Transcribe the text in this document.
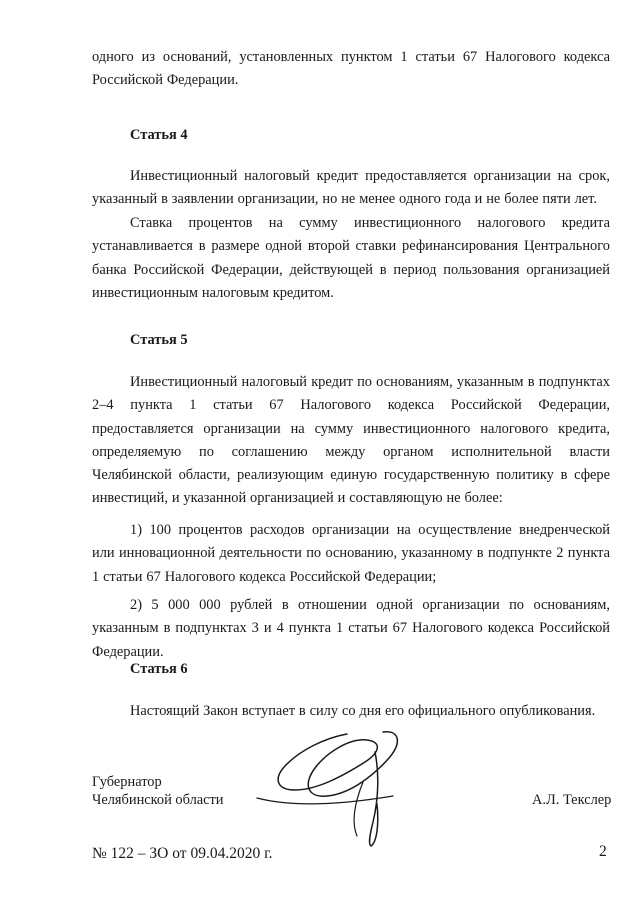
одного из оснований, установленных пунктом 1 статьи 67 Налогового кодекса Российской Федерации.

Статья 4

Инвестиционный налоговый кредит предоставляется организации на срок, указанный в заявлении организации, но не менее одного года и не более пяти лет.

Ставка процентов на сумму инвестиционного налогового кредита устанавливается в размере одной второй ставки рефинансирования Центрального банка Российской Федерации, действующей в период пользования организацией инвестиционным налоговым кредитом.

Статья 5

Инвестиционный налоговый кредит по основаниям, указанным в подпунктах 2–4 пункта 1 статьи 67 Налогового кодекса Российской Федерации, предоставляется организации на сумму инвестиционного налогового кредита, определяемую по соглашению между органом исполнительной власти Челябинской области, реализующим единую государственную политику в сфере инвестиций, и указанной организацией и составляющую не более:

1) 100 процентов расходов организации на осуществление внедренческой или инновационной деятельности по основанию, указанному в подпункте 2 пункта 1 статьи 67 Налогового кодекса Российской Федерации;

2) 5 000 000 рублей в отношении одной организации по основаниям, указанным в подпунктах 3 и 4 пункта 1 статьи 67 Налогового кодекса Российской Федерации.

Статья 6

Настоящий Закон вступает в силу со дня его официального опубликования.

Губернатор

Челябинской области	А.Л. Текслер

№ 122 – ЗО от 09.04.2020 г.	2
